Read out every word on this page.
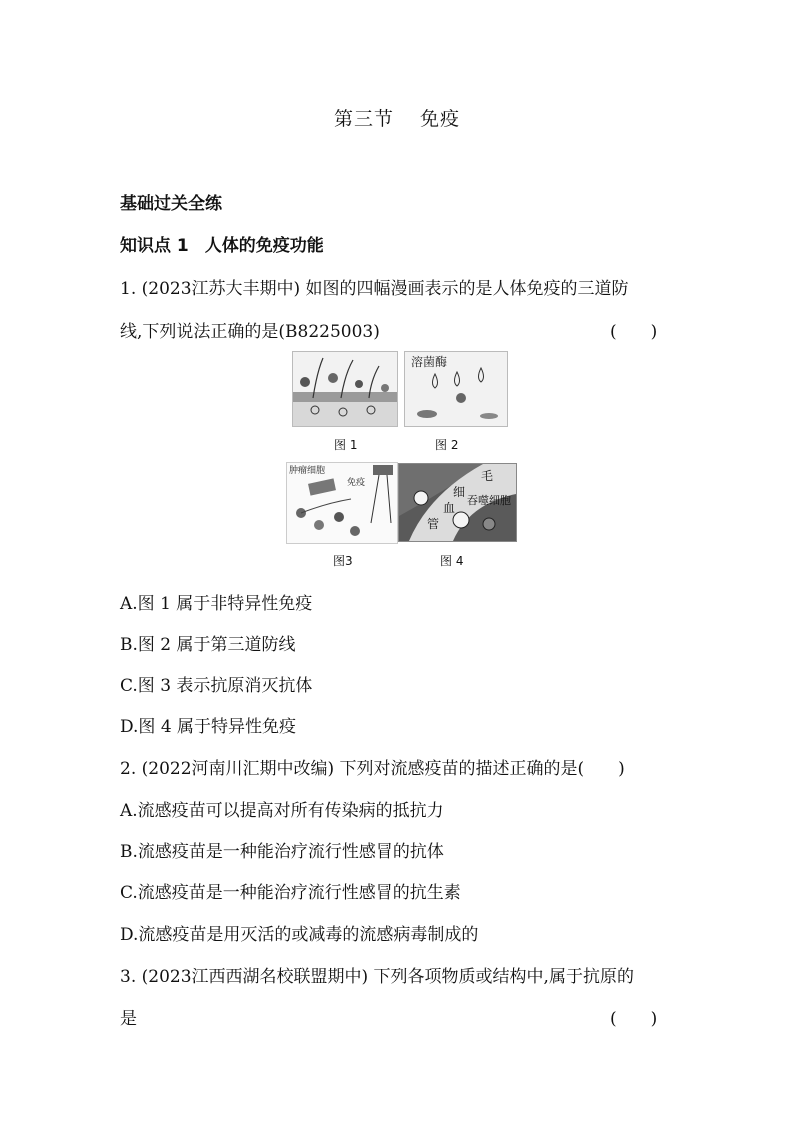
第三节 免疫
基础过关全练
知识点 1 人体的免疫功能
1. (2023江苏大丰期中) 如图的四幅漫画表示的是人体免疫的三道防
线,下列说法正确的是(B8225003)	(　　)
图 1
溶菌酶
图 2
肿瘤细胞
免疫
图3
毛
细
血
管
吞噬细胞
图 4
A.图 1 属于非特异性免疫
B.图 2 属于第三道防线
C.图 3 表示抗原消灭抗体
D.图 4 属于特异性免疫
2. (2022河南川汇期中改编) 下列对流感疫苗的描述正确的是(　　)
A.流感疫苗可以提高对所有传染病的抵抗力
B.流感疫苗是一种能治疗流行性感冒的抗体
C.流感疫苗是一种能治疗流行性感冒的抗生素
D.流感疫苗是用灭活的或减毒的流感病毒制成的
3. (2023江西西湖名校联盟期中) 下列各项物质或结构中,属于抗原的
是	(　　)
